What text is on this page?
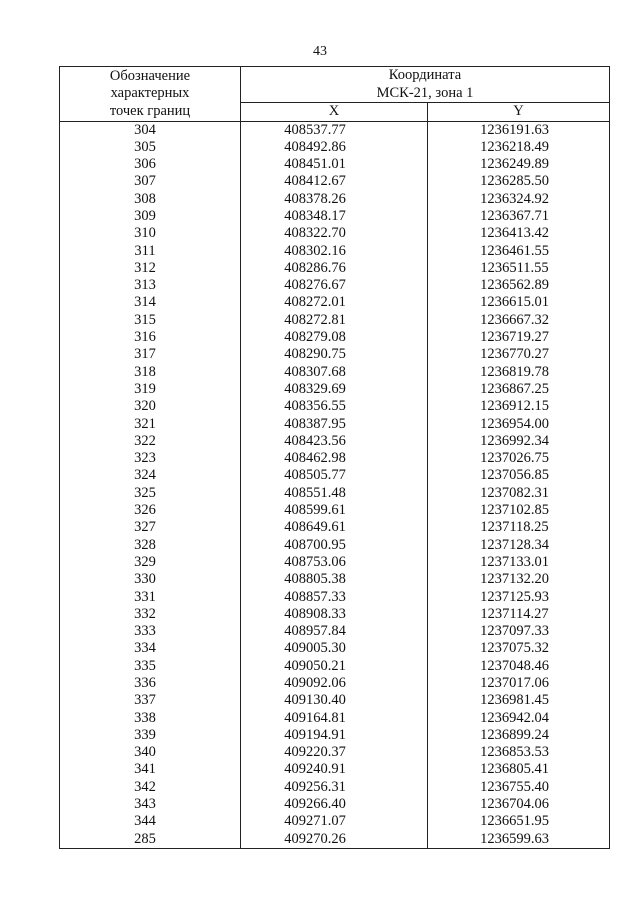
43
Обозначение
характерных
точек границ	Координата
МСК-21, зона 1	

	X	Y
304	408537.77	1236191.63
305	408492.86	1236218.49
306	408451.01	1236249.89
307	408412.67	1236285.50
308	408378.26	1236324.92
309	408348.17	1236367.71
310	408322.70	1236413.42
311	408302.16	1236461.55
312	408286.76	1236511.55
313	408276.67	1236562.89
314	408272.01	1236615.01
315	408272.81	1236667.32
316	408279.08	1236719.27
317	408290.75	1236770.27
318	408307.68	1236819.78
319	408329.69	1236867.25
320	408356.55	1236912.15
321	408387.95	1236954.00
322	408423.56	1236992.34
323	408462.98	1237026.75
324	408505.77	1237056.85
325	408551.48	1237082.31
326	408599.61	1237102.85
327	408649.61	1237118.25
328	408700.95	1237128.34
329	408753.06	1237133.01
330	408805.38	1237132.20
331	408857.33	1237125.93
332	408908.33	1237114.27
333	408957.84	1237097.33
334	409005.30	1237075.32
335	409050.21	1237048.46
336	409092.06	1237017.06
337	409130.40	1236981.45
338	409164.81	1236942.04
339	409194.91	1236899.24
340	409220.37	1236853.53
341	409240.91	1236805.41
342	409256.31	1236755.40
343	409266.40	1236704.06
344	409271.07	1236651.95
285	409270.26	1236599.63
